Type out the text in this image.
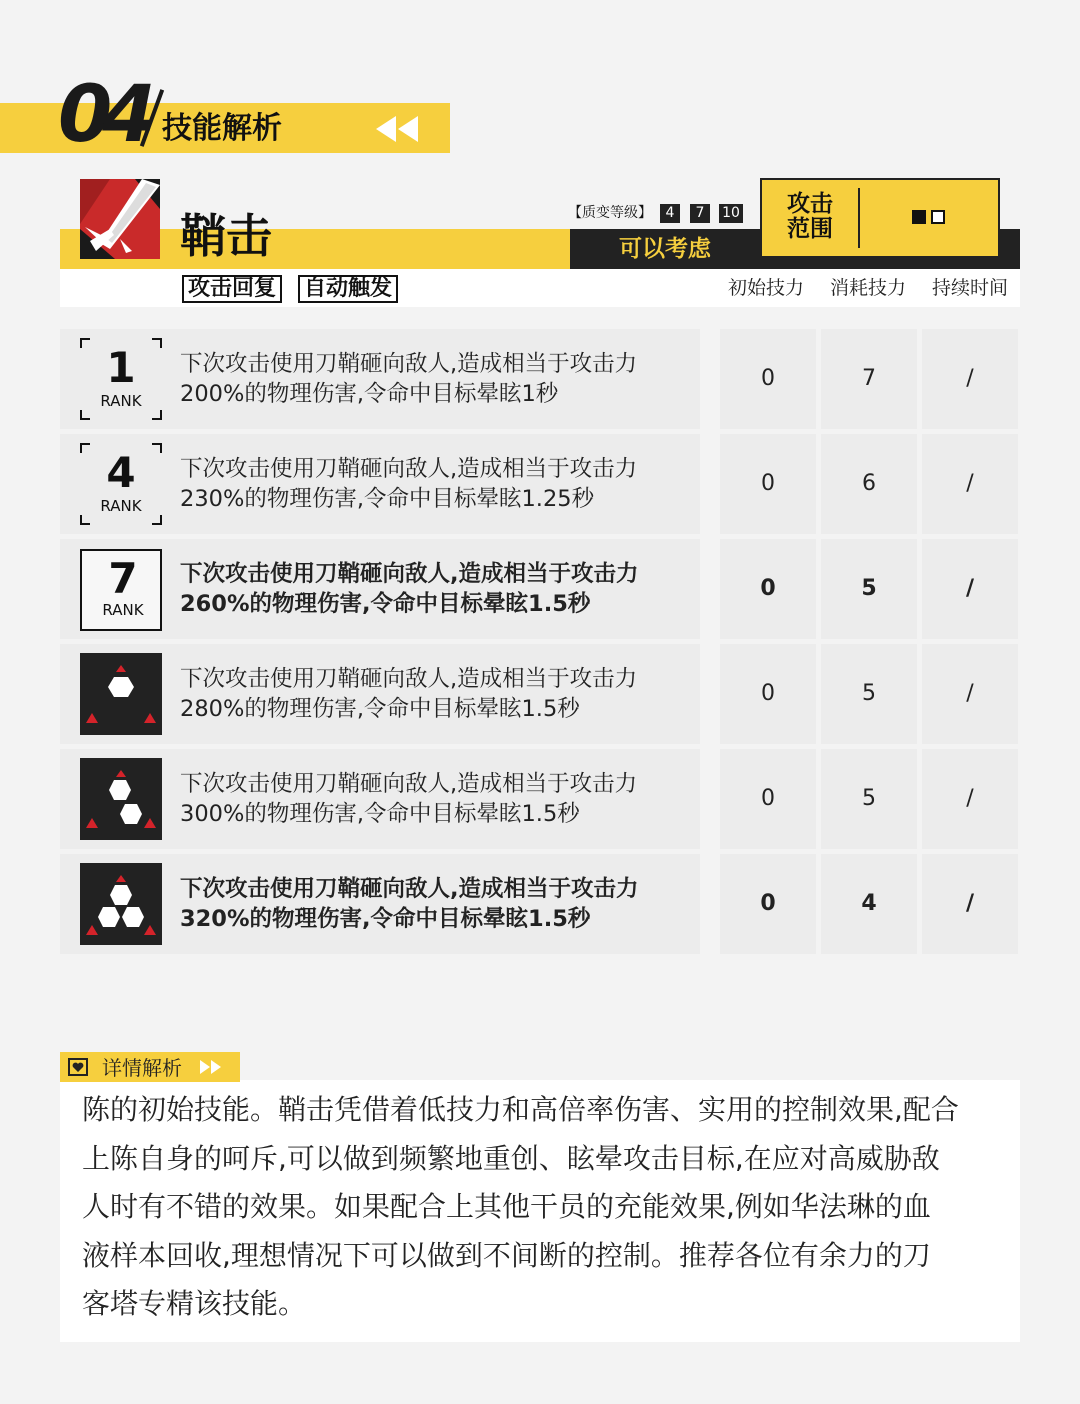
04 技能解析
鞘击	可以考虑
【质变等级】 4	7	10 攻击
范围
攻击回复 自动触发	初始技力 消耗技力 持续时间
1
RANK
下次攻击使用刀鞘砸向敌人,造成相当于攻击力
200%的物理伤害,令命中目标晕眩1秒
0	7	/
4
RANK
下次攻击使用刀鞘砸向敌人,造成相当于攻击力
230%的物理伤害,令命中目标晕眩1.25秒
0	6	/
7
RANK
下次攻击使用刀鞘砸向敌人,造成相当于攻击力
260%的物理伤害,令命中目标晕眩1.5秒
0	5	/
下次攻击使用刀鞘砸向敌人,造成相当于攻击力
280%的物理伤害,令命中目标晕眩1.5秒
0	5	/
下次攻击使用刀鞘砸向敌人,造成相当于攻击力
300%的物理伤害,令命中目标晕眩1.5秒
0	5	/
下次攻击使用刀鞘砸向敌人,造成相当于攻击力
320%的物理伤害,令命中目标晕眩1.5秒
0	4	/
详情解析
陈的初始技能。鞘击凭借着低技力和高倍率伤害、实用的控制效果,配合
上陈自身的呵斥,可以做到频繁地重创、眩晕攻击目标,在应对高威胁敌
人时有不错的效果。如果配合上其他干员的充能效果,例如华法琳的血
液样本回收,理想情况下可以做到不间断的控制。推荐各位有余力的刀
客塔专精该技能。
